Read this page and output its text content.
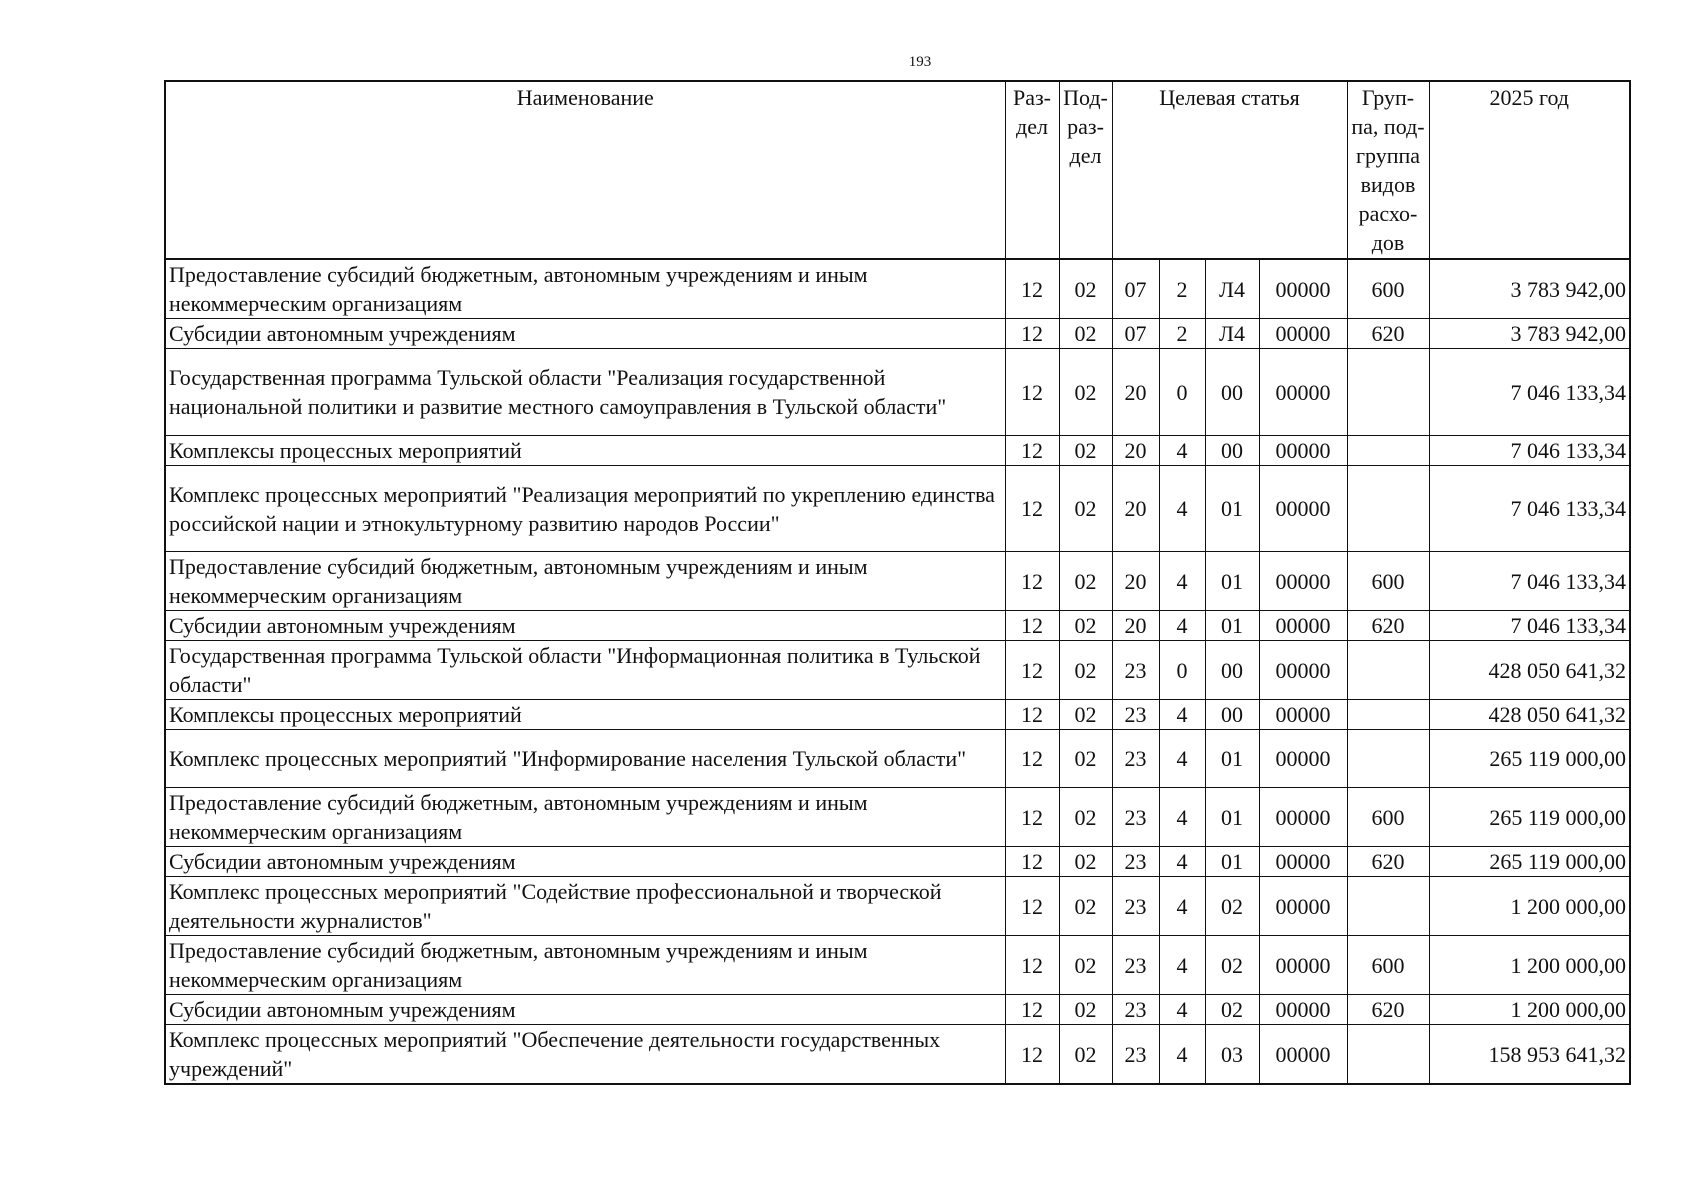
193
Наименование	Раз- дел	Под- раз- дел	Целевая статья				Груп- па, под- группа видов расхо- дов	2025 год
Предоставление субсидий бюджетным, автономным учреждениям и иным некоммерческим организациям	12	02	07	2	Л4	00000	600	3 783 942,00
Субсидии автономным учреждениям	12	02	07	2	Л4	00000	620	3 783 942,00
Государственная программа Тульской области "Реализация государственной национальной политики и развитие местного самоуправления в Тульской области"	12	02	20	0	00	00000		7 046 133,34
Комплексы процессных мероприятий	12	02	20	4	00	00000		7 046 133,34
Комплекс процессных мероприятий "Реализация мероприятий по укреплению единства российской нации и этнокультурному развитию народов России"	12	02	20	4	01	00000		7 046 133,34
Предоставление субсидий бюджетным, автономным учреждениям и иным некоммерческим организациям	12	02	20	4	01	00000	600	7 046 133,34
Субсидии автономным учреждениям	12	02	20	4	01	00000	620	7 046 133,34
Государственная программа Тульской области "Информационная политика в Тульской области"	12	02	23	0	00	00000		428 050 641,32
Комплексы процессных мероприятий	12	02	23	4	00	00000		428 050 641,32
Комплекс процессных мероприятий "Информирование населения Тульской области"	12	02	23	4	01	00000		265 119 000,00
Предоставление субсидий бюджетным, автономным учреждениям и иным некоммерческим организациям	12	02	23	4	01	00000	600	265 119 000,00
Субсидии автономным учреждениям	12	02	23	4	01	00000	620	265 119 000,00
Комплекс процессных мероприятий "Содействие профессиональной и творческой деятельности журналистов"	12	02	23	4	02	00000		1 200 000,00
Предоставление субсидий бюджетным, автономным учреждениям и иным некоммерческим организациям	12	02	23	4	02	00000	600	1 200 000,00
Субсидии автономным учреждениям	12	02	23	4	02	00000	620	1 200 000,00
Комплекс процессных мероприятий "Обеспечение деятельности государственных учреждений"	12	02	23	4	03	00000		158 953 641,32
